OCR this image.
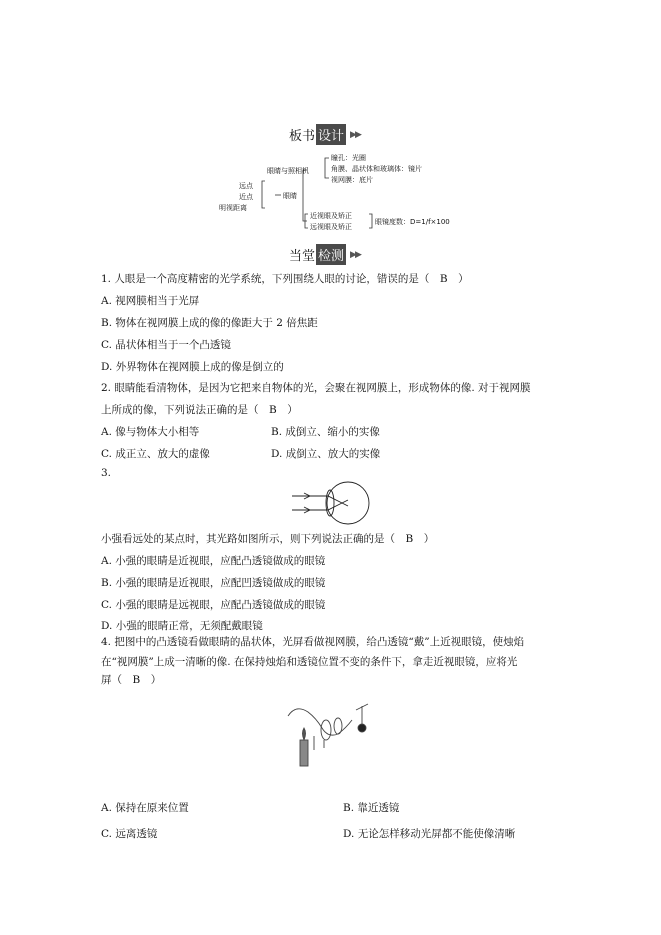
板书 设计 ▶▶
远点
近点
明视距离
眼睛
眼睛与照相机
瞳孔：光圈
角膜、晶状体和玻璃体：镜片
视网膜：底片
近视眼及矫正
远视眼及矫正
眼镜度数：D=1/f×100
当堂 检测 ▶▶
1. 人眼是一个高度精密的光学系统，下列围绕人眼的讨论，错误的是（　B　）
A. 视网膜相当于光屏
B. 物体在视网膜上成的像的像距大于 2 倍焦距
C. 晶状体相当于一个凸透镜
D. 外界物体在视网膜上成的像是倒立的
2. 眼睛能看清物体，是因为它把来自物体的光，会聚在视网膜上，形成物体的像. 对于视网膜
上所成的像，下列说法正确的是（　B　）
A. 像与物体大小相等	B. 成倒立、缩小的实像
C. 成正立、放大的虚像	D. 成倒立、放大的实像
3.
小强看远处的某点时，其光路如图所示，则下列说法正确的是（　B　）
A. 小强的眼睛是近视眼，应配凸透镜做成的眼镜
B. 小强的眼睛是近视眼，应配凹透镜做成的眼镜
C. 小强的眼睛是远视眼，应配凸透镜做成的眼镜
D. 小强的眼睛正常，无须配戴眼镜
4. 把图中的凸透镜看做眼睛的晶状体，光屏看做视网膜，给凸透镜“戴”上近视眼镜，使烛焰
在“视网膜”上成一清晰的像. 在保持烛焰和透镜位置不变的条件下，拿走近视眼镜，应将光
屏（　B　）
A. 保持在原来位置	B. 靠近透镜
C. 远离透镜	D. 无论怎样移动光屏都不能使像清晰
